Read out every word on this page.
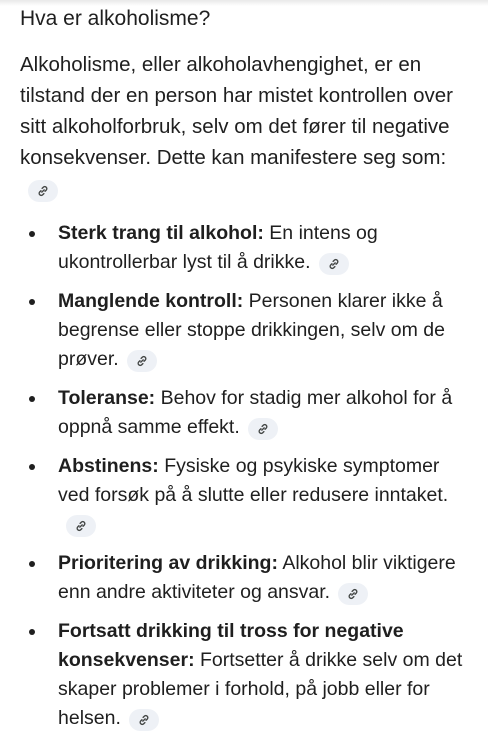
Hva er alkoholisme?

Alkoholisme, eller alkoholavhengighet, er en tilstand der en person har mistet kontrollen over sitt alkoholforbruk, selv om det fører til negative konsekvenser. Dette kan manifestere seg som:

Sterk trang til alkohol: En intens og ukontrollerbar lyst til å drikke.
Manglende kontroll: Personen klarer ikke å begrense eller stoppe drikkingen, selv om de prøver.
Toleranse: Behov for stadig mer alkohol for å oppnå samme effekt.
Abstinens: Fysiske og psykiske symptomer ved forsøk på å slutte eller redusere inntaket.
Prioritering av drikking: Alkohol blir viktigere enn andre aktiviteter og ansvar.
Fortsatt drikking til tross for negative konsekvenser: Fortsetter å drikke selv om det skaper problemer i forhold, på jobb eller for helsen.
